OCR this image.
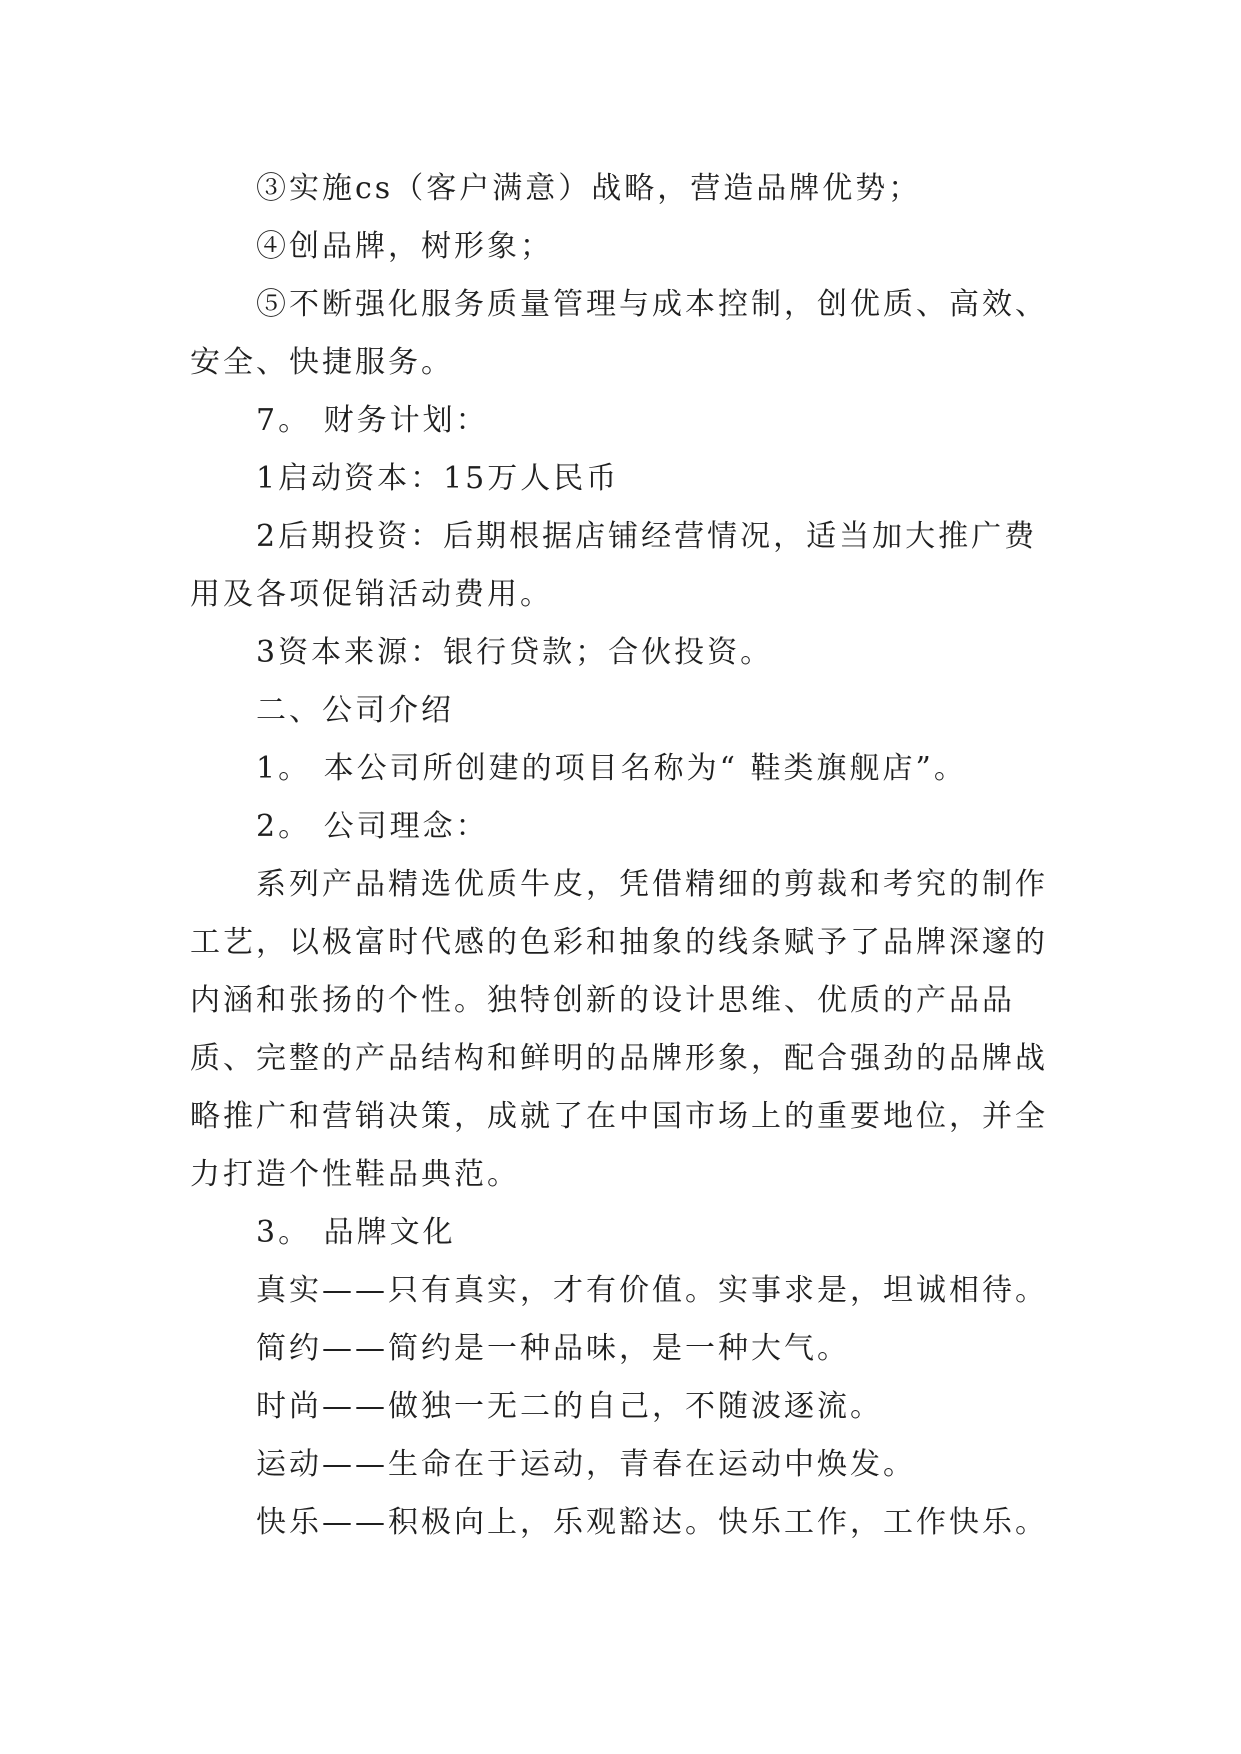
③实施cs（客户满意）战略，营造品牌优势；

④创品牌，树形象；

⑤不断强化服务质量管理与成本控制，创优质、高效、安全、快捷服务。

7。 财务计划：

1启动资本：15万人民币

2后期投资：后期根据店铺经营情况，适当加大推广费用及各项促销活动费用。

3资本来源：银行贷款；合伙投资。

二、公司介绍

1。 本公司所创建的项目名称为“ 鞋类旗舰店”。

2。 公司理念：

系列产品精选优质牛皮，凭借精细的剪裁和考究的制作工艺，以极富时代感的色彩和抽象的线条赋予了品牌深邃的内涵和张扬的个性。独特创新的设计思维、优质的产品品质、完整的产品结构和鲜明的品牌形象，配合强劲的品牌战略推广和营销决策，成就了在中国市场上的重要地位，并全力打造个性鞋品典范。

3。 品牌文化

真实——只有真实，才有价值。实事求是，坦诚相待。

简约——简约是一种品味，是一种大气。

时尚——做独一无二的自己，不随波逐流。

运动——生命在于运动，青春在运动中焕发。

快乐——积极向上，乐观豁达。快乐工作，工作快乐。
